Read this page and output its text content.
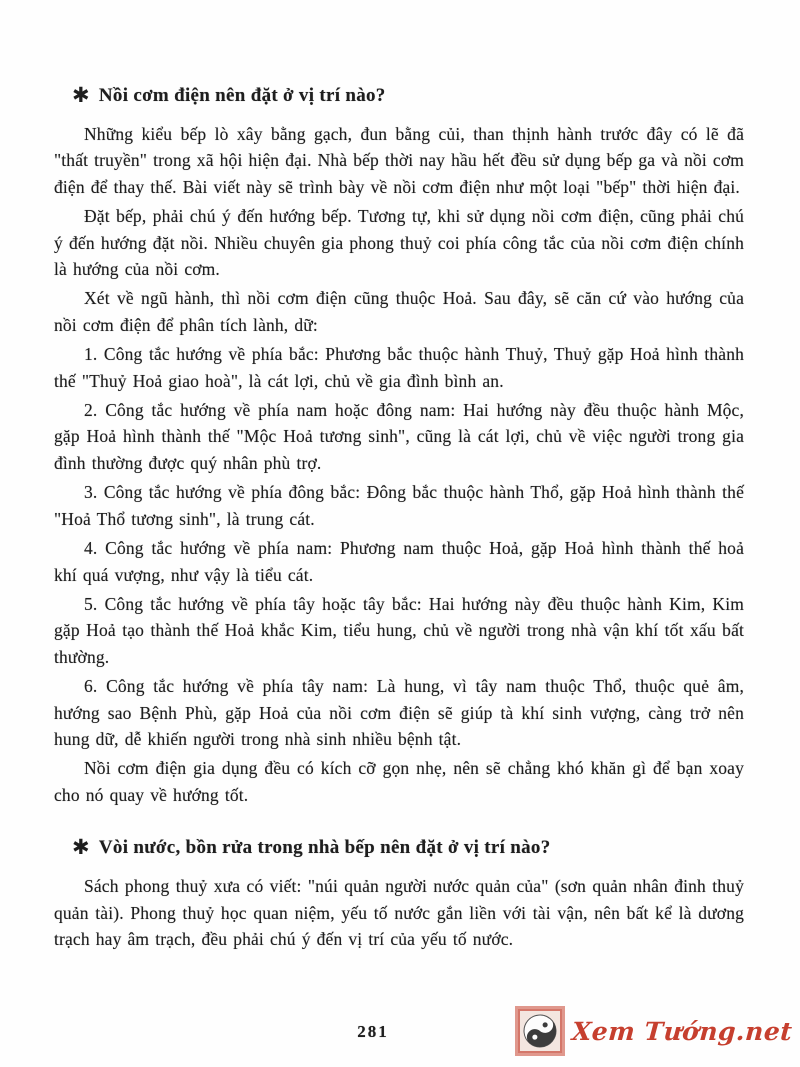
✱ Nồi cơm điện nên đặt ở vị trí nào?

Những kiểu bếp lò xây bằng gạch, đun bằng củi, than thịnh hành trước đây có lẽ đã "thất truyền" trong xã hội hiện đại. Nhà bếp thời nay hầu hết đều sử dụng bếp ga và nồi cơm điện để thay thế. Bài viết này sẽ trình bày về nồi cơm điện như một loại "bếp" thời hiện đại.

Đặt bếp, phải chú ý đến hướng bếp. Tương tự, khi sử dụng nồi cơm điện, cũng phải chú ý đến hướng đặt nồi. Nhiều chuyên gia phong thuỷ coi phía công tắc của nồi cơm điện chính là hướng của nồi cơm.

Xét về ngũ hành, thì nồi cơm điện cũng thuộc Hoả. Sau đây, sẽ căn cứ vào hướng của nồi cơm điện để phân tích lành, dữ:

1. Công tắc hướng về phía bắc: Phương bắc thuộc hành Thuỷ, Thuỷ gặp Hoả hình thành thế "Thuỷ Hoả giao hoà", là cát lợi, chủ về gia đình bình an.

2. Công tắc hướng về phía nam hoặc đông nam: Hai hướng này đều thuộc hành Mộc, gặp Hoả hình thành thế "Mộc Hoả tương sinh", cũng là cát lợi, chủ về việc người trong gia đình thường được quý nhân phù trợ.

3. Công tắc hướng về phía đông bắc: Đông bắc thuộc hành Thổ, gặp Hoả hình thành thế "Hoả Thổ tương sinh", là trung cát.

4. Công tắc hướng về phía nam: Phương nam thuộc Hoả, gặp Hoả hình thành thế hoả khí quá vượng, như vậy là tiểu cát.

5. Công tắc hướng về phía tây hoặc tây bắc: Hai hướng này đều thuộc hành Kim, Kim gặp Hoả tạo thành thế Hoả khắc Kim, tiểu hung, chủ về người trong nhà vận khí tốt xấu bất thường.

6. Công tắc hướng về phía tây nam: Là hung, vì tây nam thuộc Thổ, thuộc quẻ âm, hướng sao Bệnh Phù, gặp Hoả của nồi cơm điện sẽ giúp tà khí sinh vượng, càng trở nên hung dữ, dễ khiến người trong nhà sinh nhiều bệnh tật.

Nồi cơm điện gia dụng đều có kích cỡ gọn nhẹ, nên sẽ chẳng khó khăn gì để bạn xoay cho nó quay về hướng tốt.

✱ Vòi nước, bồn rửa trong nhà bếp nên đặt ở vị trí nào?

Sách phong thuỷ xưa có viết: "núi quản người nước quản của" (sơn quản nhân đinh thuỷ quản tài). Phong thuỷ học quan niệm, yếu tố nước gắn liền với tài vận, nên bất kể là dương trạch hay âm trạch, đều phải chú ý đến vị trí của yếu tố nước.

281	Xem Tướng.net
